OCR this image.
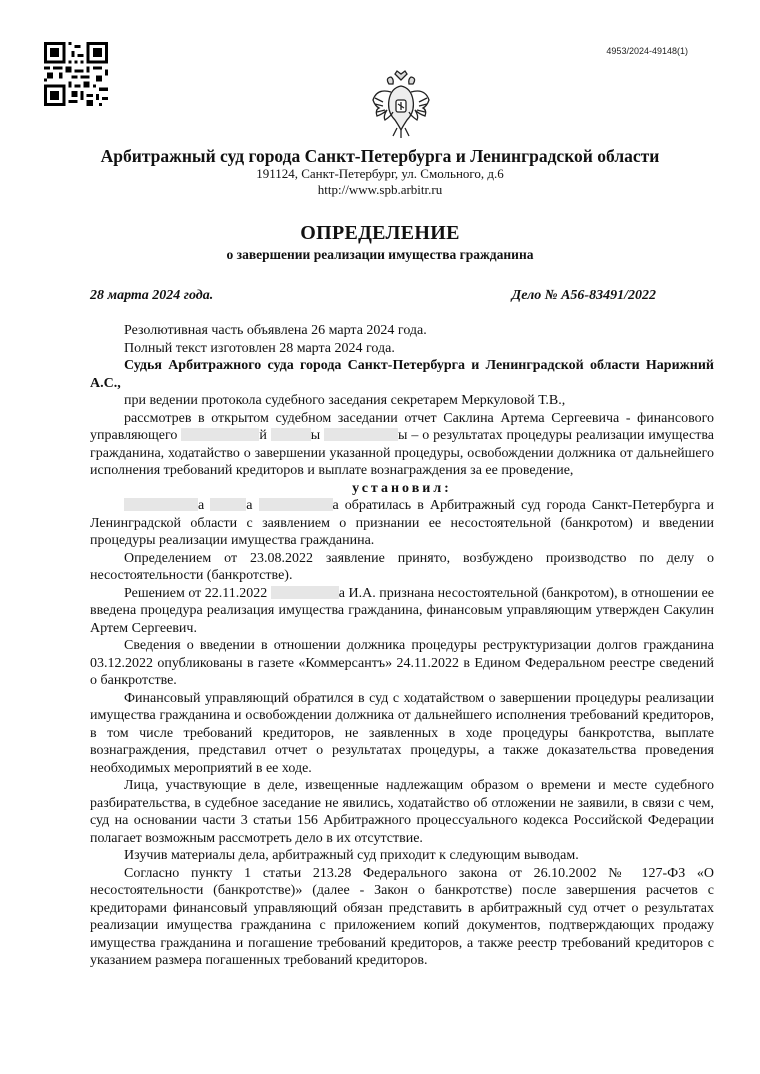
4953/2024-49148(1)
Арбитражный суд города Санкт-Петербурга и Ленинградской области
191124, Санкт-Петербург, ул. Смольного, д.6
http://www.spb.arbitr.ru
ОПРЕДЕЛЕНИЕ
о завершении реализации имущества гражданина
28 марта 2024 года.	Дело № А56-83491/2022

Резолютивная часть объявлена 26 марта 2024 года.

Полный текст изготовлен 28 марта 2024 года.

Судья Арбитражного суда города Санкт-Петербурга и Ленинградской области Нарижний А.С.,

при ведении протокола судебного заседания секретарем Меркуловой Т.В.,

рассмотрев в открытом судебном заседании отчет Саклина Артема Сергеевича - финансового управляющего	й	ы	ы – о результатах процедуры реализации имущества гражданина, ходатайство о завершении указанной процедуры, освобождении должника от дальнейшего исполнения требований кредиторов и выплате вознаграждения за ее проведение,

установил:

а	а	а обратилась в Арбитражный суд города Санкт-Петербурга и Ленинградской области с заявлением о признании ее несостоятельной (банкротом) и введении процедуры реализации имущества гражданина.

Определением от 23.08.2022 заявление принято, возбуждено производство по делу о несостоятельности (банкротстве).

Решением от 22.11.2022	а И.А. признана несостоятельной (банкротом), в отношении ее введена процедура реализация имущества гражданина, финансовым управляющим утвержден Сакулин Артем Сергеевич.

Сведения о введении в отношении должника процедуры реструктуризации долгов гражданина 03.12.2022 опубликованы в газете «Коммерсантъ» 24.11.2022 в Едином Федеральном реестре сведений о банкротстве.

Финансовый управляющий обратился в суд с ходатайством о завершении процедуры реализации имущества гражданина и освобождении должника от дальнейшего исполнения требований кредиторов, в том числе требований кредиторов, не заявленных в ходе процедуры банкротства, выплате вознаграждения, представил отчет о результатах процедуры, а также доказательства проведения необходимых мероприятий в ее ходе.

Лица, участвующие в деле, извещенные надлежащим образом о времени и месте судебного разбирательства, в судебное заседание не явились, ходатайство об отложении не заявили, в связи с чем, суд на основании части 3 статьи 156 Арбитражного процессуального кодекса Российской Федерации полагает возможным рассмотреть дело в их отсутствие.

Изучив материалы дела, арбитражный суд приходит к следующим выводам.

Согласно пункту 1 статьи 213.28 Федерального закона от 26.10.2002 № 127-ФЗ «О несостоятельности (банкротстве)» (далее - Закон о банкротстве) после завершения расчетов с кредиторами финансовый управляющий обязан представить в арбитражный суд отчет о результатах реализации имущества гражданина с приложением копий документов, подтверждающих продажу имущества гражданина и погашение требований кредиторов, а также реестр требований кредиторов с указанием размера погашенных требований кредиторов.
